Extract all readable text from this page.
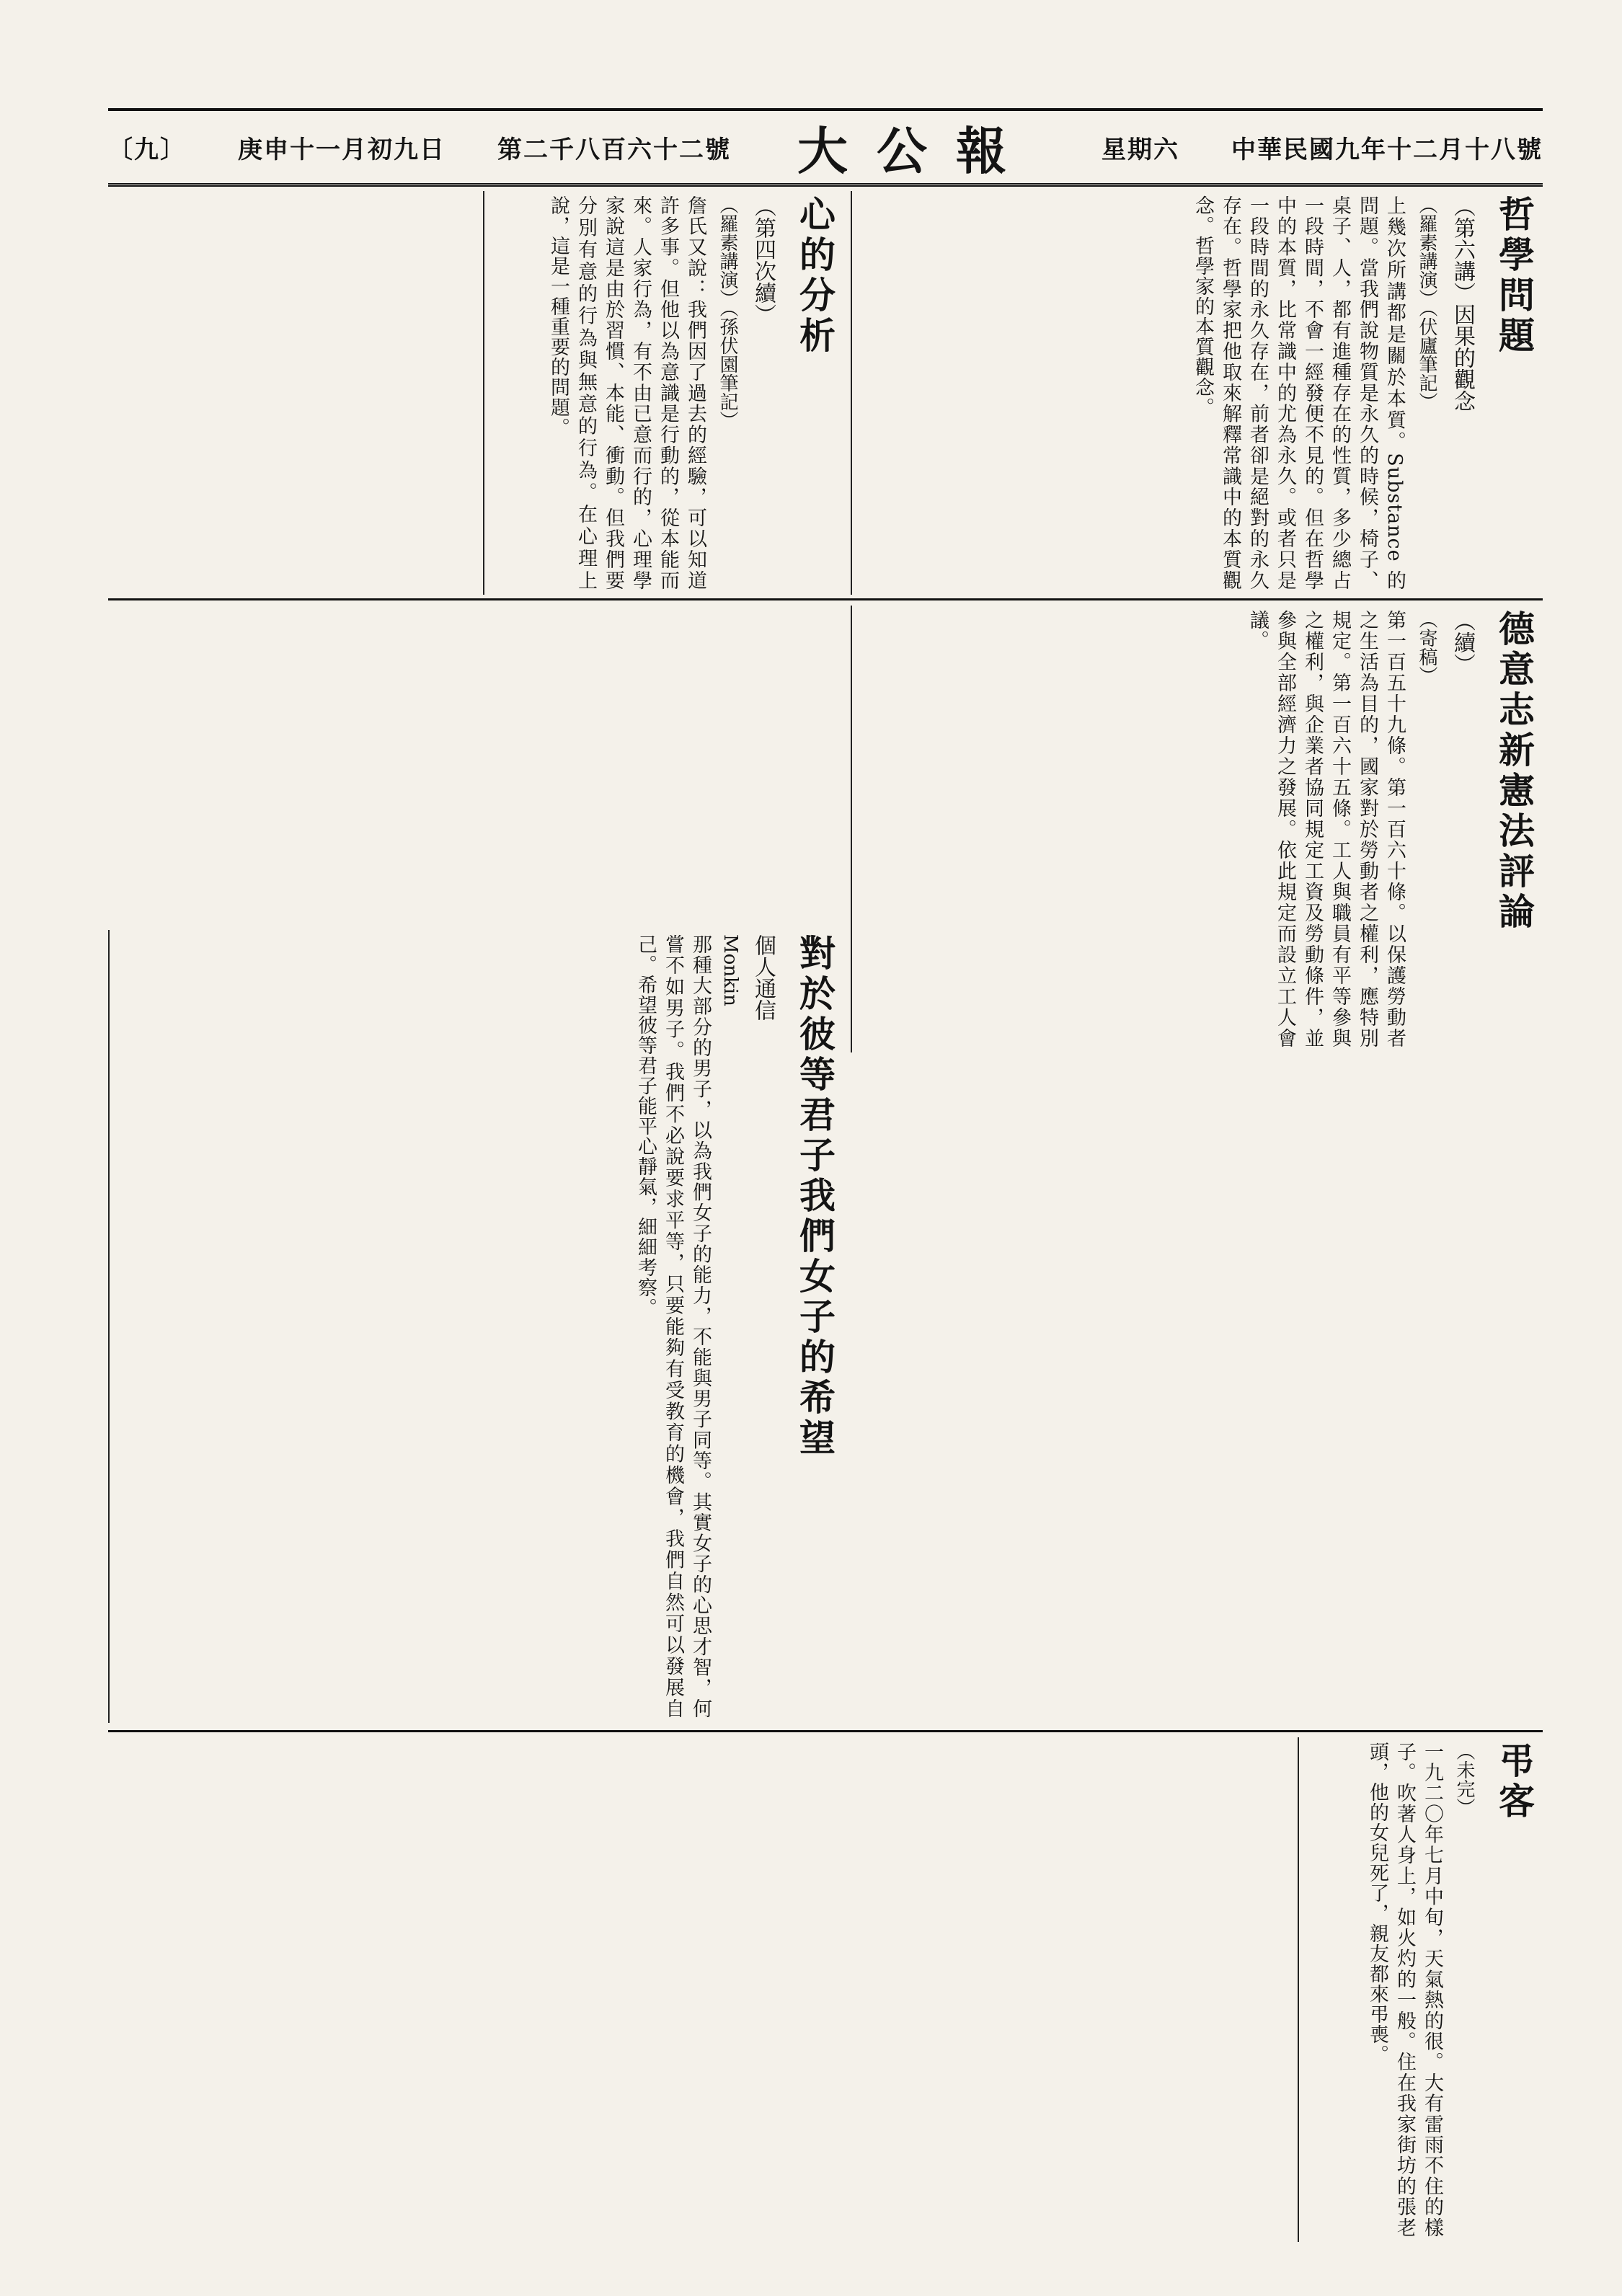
〔九〕 庚申十一月初九日 第二千八百六十二號 大公報	星期六 中華民國九年十二月十八號
哲學問題
（第六講）因果的觀念

（羅素講演）（伏廬筆記）

上幾次所講都是關於本質。Substance 的問題。當我們說物質是永久的時候，椅子、桌子、人，都有進種存在的性質，多少總占一段時間，不會一經發便不見的。但在哲學中的本質，比常識中的尤為永久。或者只是一段時間的永久存在，前者卻是絕對的永久存在。哲學家把他取來解釋常識中的本質觀念。哲學家的本質觀念。

心的分析
（第四次續）

（羅素講演）（孫伏園筆記）

詹氏又說：我們因了過去的經驗，可以知道許多事。但他以為意識是行動的，從本能而來。人家行為，有不由已意而行的，心理學家說這是由於習慣、本能、衝動。但我們要分別有意的行為與無意的行為。在心理上說，這是一種重要的問題。

德意志新憲法評論
（續）

（寄稿）

第一百五十九條。第一百六十條。以保護勞動者之生活為目的，國家對於勞動者之權利，應特別規定。第一百六十五條。工人與職員有平等參與之權利，與企業者協同規定工資及勞動條件，並參與全部經濟力之發展。依此規定而設立工人會議。

對於彼等君子我們女子的希望
個人通信

Monkin

那種大部分的男子，以為我們女子的能力，不能與男子同等。其實女子的心思才智，何嘗不如男子。我們不必說要求平等，只要能夠有受教育的機會，我們自然可以發展自己。希望彼等君子能平心靜氣，細細考察。

弔客

（未完）

一九二〇年七月中旬，天氣熱的很。大有雷雨不住的樣子。吹著人身上，如火灼的一般。住在我家街坊的張老頭，他的女兒死了，親友都來弔喪。
